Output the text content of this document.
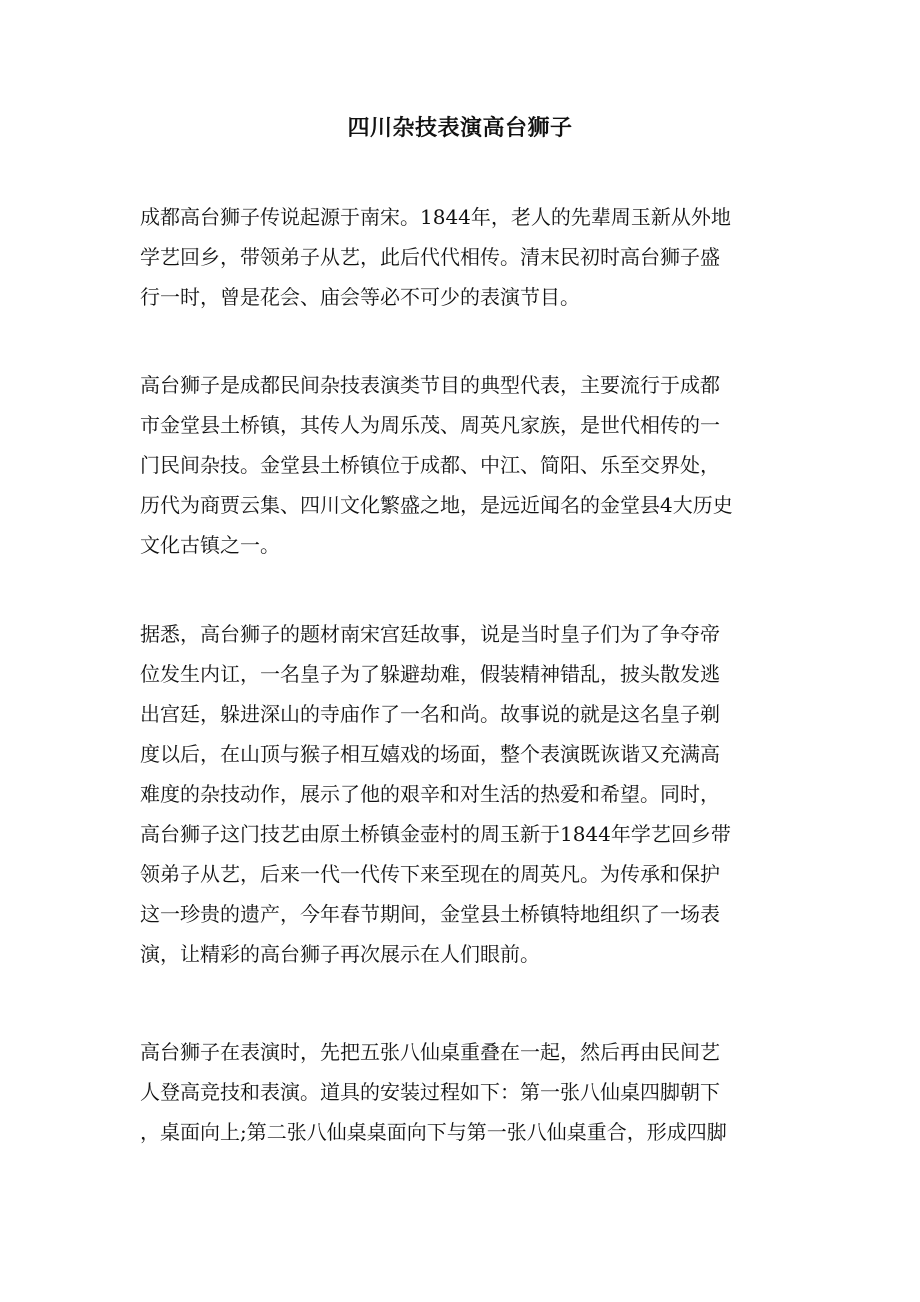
四川杂技表演高台狮子
成都高台狮子传说起源于南宋。1844年，老人的先辈周玉新从外地
学艺回乡，带领弟子从艺，此后代代相传。清末民初时高台狮子盛
行一时，曾是花会、庙会等必不可少的表演节目。
高台狮子是成都民间杂技表演类节目的典型代表，主要流行于成都
市金堂县土桥镇，其传人为周乐茂、周英凡家族，是世代相传的一
门民间杂技。金堂县土桥镇位于成都、中江、简阳、乐至交界处，
历代为商贾云集、四川文化繁盛之地，是远近闻名的金堂县4大历史
文化古镇之一。
据悉，高台狮子的题材南宋宫廷故事，说是当时皇子们为了争夺帝
位发生内讧，一名皇子为了躲避劫难，假装精神错乱，披头散发逃
出宫廷，躲进深山的寺庙作了一名和尚。故事说的就是这名皇子剃
度以后，在山顶与猴子相互嬉戏的场面，整个表演既诙谐又充满高
难度的杂技动作，展示了他的艰辛和对生活的热爱和希望。同时，
高台狮子这门技艺由原土桥镇金壶村的周玉新于1844年学艺回乡带
领弟子从艺，后来一代一代传下来至现在的周英凡。为传承和保护
这一珍贵的遗产，今年春节期间，金堂县土桥镇特地组织了一场表
演，让精彩的高台狮子再次展示在人们眼前。
高台狮子在表演时，先把五张八仙桌重叠在一起，然后再由民间艺
人登高竞技和表演。道具的安装过程如下：第一张八仙桌四脚朝下
，桌面向上;第二张八仙桌桌面向下与第一张八仙桌重合，形成四脚
